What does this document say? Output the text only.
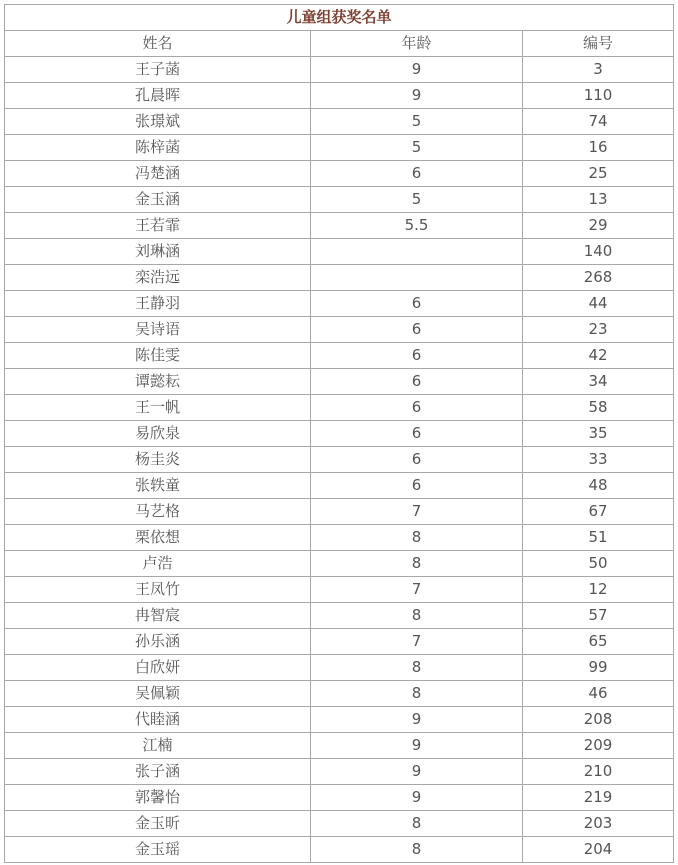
儿童组获奖名单		
姓名	年龄	编号
王子菡	9	3
孔晨晖	9	110
张璟斌	5	74
陈梓菡	5	16
冯楚涵	6	25
金玉涵	5	13
王若霏	5.5	29
刘琳涵		140
栾浩远		268
王静羽	6	44
吴诗语	6	23
陈佳雯	6	42
谭懿耘	6	34
王一帆	6	58
易欣泉	6	35
杨圭炎	6	33
张轶童	6	48
马艺格	7	67
栗依想	8	51
卢浩	8	50
王凤竹	7	12
冉智宸	8	57
孙乐涵	7	65
白欣妍	8	99
吴佩颖	8	46
代睦涵	9	208
江楠	9	209
张子涵	9	210
郭馨怡	9	219
金玉昕	8	203
金玉瑶	8	204
